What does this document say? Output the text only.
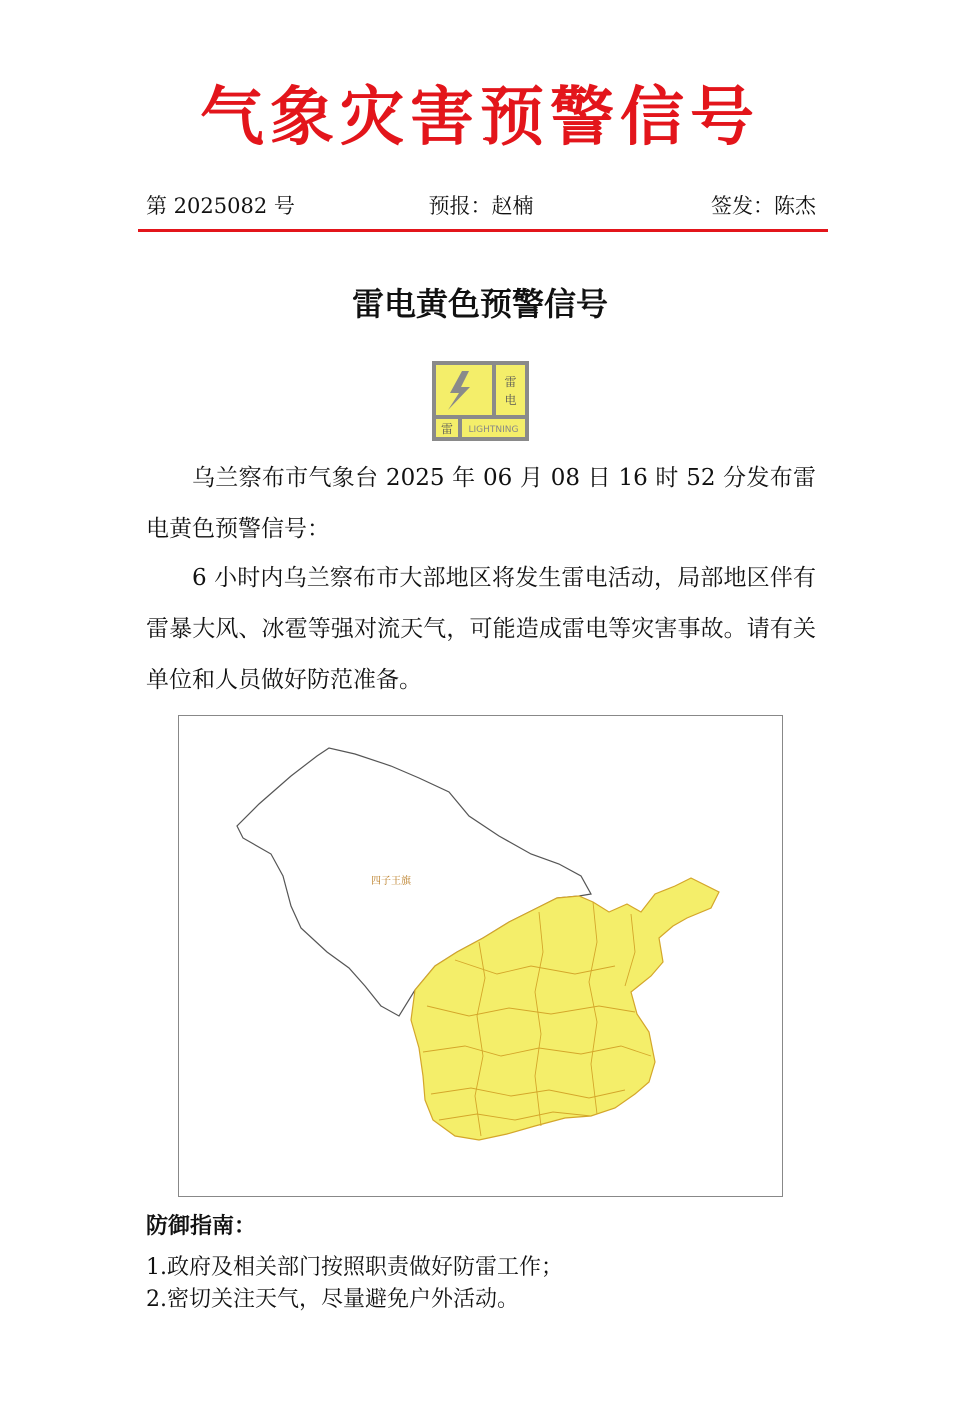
气象灾害预警信号
第 2025082 号	预报：赵楠	签发：陈杰
雷电黄色预警信号
雷
电
雷 LIGHTNING

乌兰察布市气象台 2025 年 06 月 08 日 16 时 52 分发布雷电黄色预警信号：

6 小时内乌兰察布市大部地区将发生雷电活动，局部地区伴有雷暴大风、冰雹等强对流天气，可能造成雷电等灾害事故。请有关单位和人员做好防范准备。

四子王旗
防御指南：
1.政府及相关部门按照职责做好防雷工作；
2.密切关注天气，尽量避免户外活动。
